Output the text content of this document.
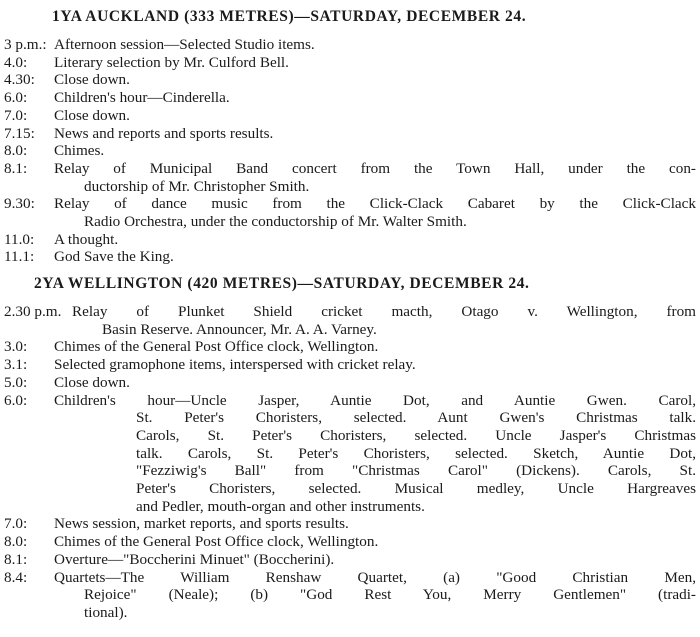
1YA AUCKLAND (333 METRES)—SATURDAY, DECEMBER 24.
3 p.m.: Afternoon session—Selected Studio items.
4.0:	Literary selection by Mr. Culford Bell.
4.30:	Close down.
6.0:	Children's hour—Cinderella.
7.0:	Close down.
7.15:	News and reports and sports results.
8.0:	Chimes.
8.1:	Relay of Municipal Band concert from the Town Hall, under the con-
ductorship of Mr. Christopher Smith.
9.30:	Relay of dance music from the Click-Clack Cabaret by the Click-Clack
Radio Orchestra, under the conductorship of Mr. Walter Smith.
11.0:	A thought.
11.1:	God Save the King.
2YA WELLINGTON (420 METRES)—SATURDAY, DECEMBER 24.
2.30 p.m. Relay of Plunket Shield cricket macth, Otago v. Wellington, from
Basin Reserve. Announcer, Mr. A. A. Varney.
3.0:	Chimes of the General Post Office clock, Wellington.
3.1:	Selected gramophone items, interspersed with cricket relay.
5.0:	Close down.
6.0:	Children's hour—Uncle Jasper, Auntie Dot, and Auntie Gwen. Carol,
St. Peter's Choristers, selected. Aunt Gwen's Christmas talk.
Carols, St. Peter's Choristers, selected. Uncle Jasper's Christmas
talk. Carols, St. Peter's Choristers, selected. Sketch, Auntie Dot,
"Fezziwig's Ball" from "Christmas Carol" (Dickens). Carols, St.
Peter's Choristers, selected. Musical medley, Uncle Hargreaves
and Pedler, mouth-organ and other instruments.
7.0:	News session, market reports, and sports results.
8.0:	Chimes of the General Post Office clock, Wellington.
8.1:	Overture—"Boccherini Minuet" (Boccherini).
8.4:	Quartets—The William Renshaw Quartet, (a) "Good Christian Men,
Rejoice" (Neale); (b) "God Rest You, Merry Gentlemen" (tradi-
tional).
